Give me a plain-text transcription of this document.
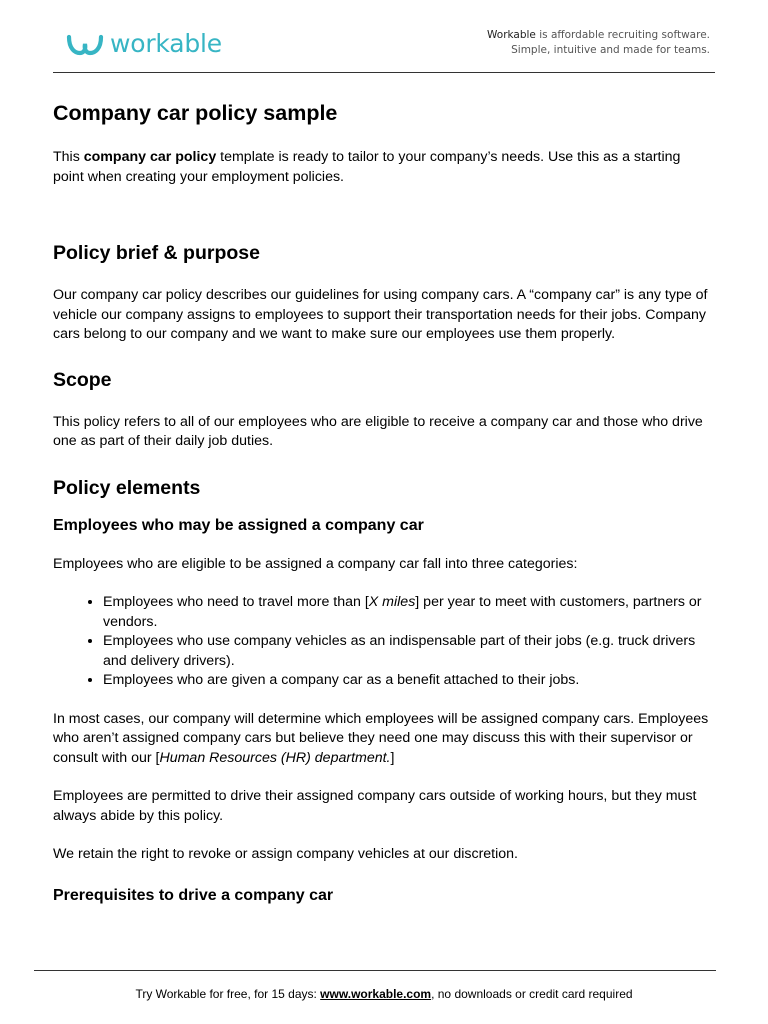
workable	Workable is affordable recruiting software.
Simple, intuitive and made for teams.
Company car policy sample

This company car policy template is ready to tailor to your company’s needs. Use this as a starting point when creating your employment policies.

Policy brief & purpose

Our company car policy describes our guidelines for using company cars. A “company car” is any type of vehicle our company assigns to employees to support their transportation needs for their jobs. Company cars belong to our company and we want to make sure our employees use them properly.

Scope

This policy refers to all of our employees who are eligible to receive a company car and those who drive one as part of their daily job duties.

Policy elements
Employees who may be assigned a company car

Employees who are eligible to be assigned a company car fall into three categories:

• Employees who need to travel more than [X miles] per year to meet with customers, partners or vendors.
• Employees who use company vehicles as an indispensable part of their jobs (e.g. truck drivers and delivery drivers).
• Employees who are given a company car as a benefit attached to their jobs.

In most cases, our company will determine which employees will be assigned company cars. Employees who aren’t assigned company cars but believe they need one may discuss this with their supervisor or consult with our [Human Resources (HR) department.]

Employees are permitted to drive their assigned company cars outside of working hours, but they must always abide by this policy.

We retain the right to revoke or assign company vehicles at our discretion.

Prerequisites to drive a company car
Try Workable for free, for 15 days: www.workable.com, no downloads or credit card required
